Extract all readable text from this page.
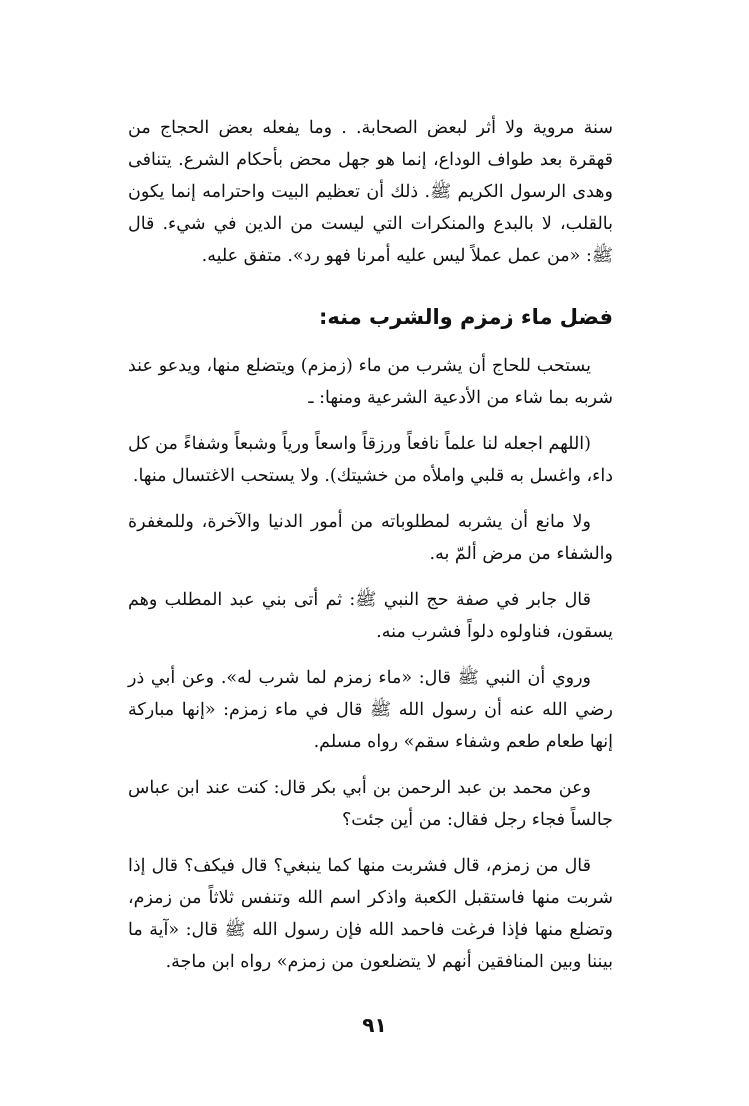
سنة مروية ولا أثر لبعض الصحابة. . وما يفعله بعض الحجاج من قهقرة بعد طواف الوداع، إنما هو جهل محض بأحكام الشرع. يتنافى وهدى الرسول الكريم ﷺ. ذلك أن تعظيم البيت واحترامه إنما يكون بالقلب، لا بالبدع والمنكرات التي ليست من الدين في شيء. قال ﷺ: «من عمل عملاً ليس عليه أمرنا فهو رد». متفق عليه.

فضل ماء زمزم والشرب منه:

يستحب للحاج أن يشرب من ماء (زمزم) ويتضلع منها، ويدعو عند شربه بما شاء من الأدعية الشرعية ومنها: ـ

(اللهم اجعله لنا علماً نافعاً ورزقاً واسعاً ورياً وشبعاً وشفاءً من كل داء، واغسل به قلبي واملأه من خشيتك). ولا يستحب الاغتسال منها.

ولا مانع أن يشربه لمطلوباته من أمور الدنيا والآخرة، وللمغفرة والشفاء من مرض ألمّ به.

قال جابر في صفة حج النبي ﷺ: ثم أتى بني عبد المطلب وهم يسقون، فناولوه دلواً فشرب منه.

وروي أن النبي ﷺ قال: «ماء زمزم لما شرب له». وعن أبي ذر رضي الله عنه أن رسول الله ﷺ قال في ماء زمزم: «إنها مباركة إنها طعام طعم وشفاء سقم» رواه مسلم.

وعن محمد بن عبد الرحمن بن أبي بكر قال: كنت عند ابن عباس جالساً فجاء رجل فقال: من أين جئت؟

قال من زمزم، قال فشربت منها كما ينبغي؟ قال فيكف؟ قال إذا شربت منها فاستقبل الكعبة واذكر اسم الله وتنفس ثلاثاً من زمزم، وتضلع منها فإذا فرغت فاحمد الله فإن رسول الله ﷺ قال: «آية ما بيننا وبين المنافقين أنهم لا يتضلعون من زمزم» رواه ابن ماجة.

٩١
